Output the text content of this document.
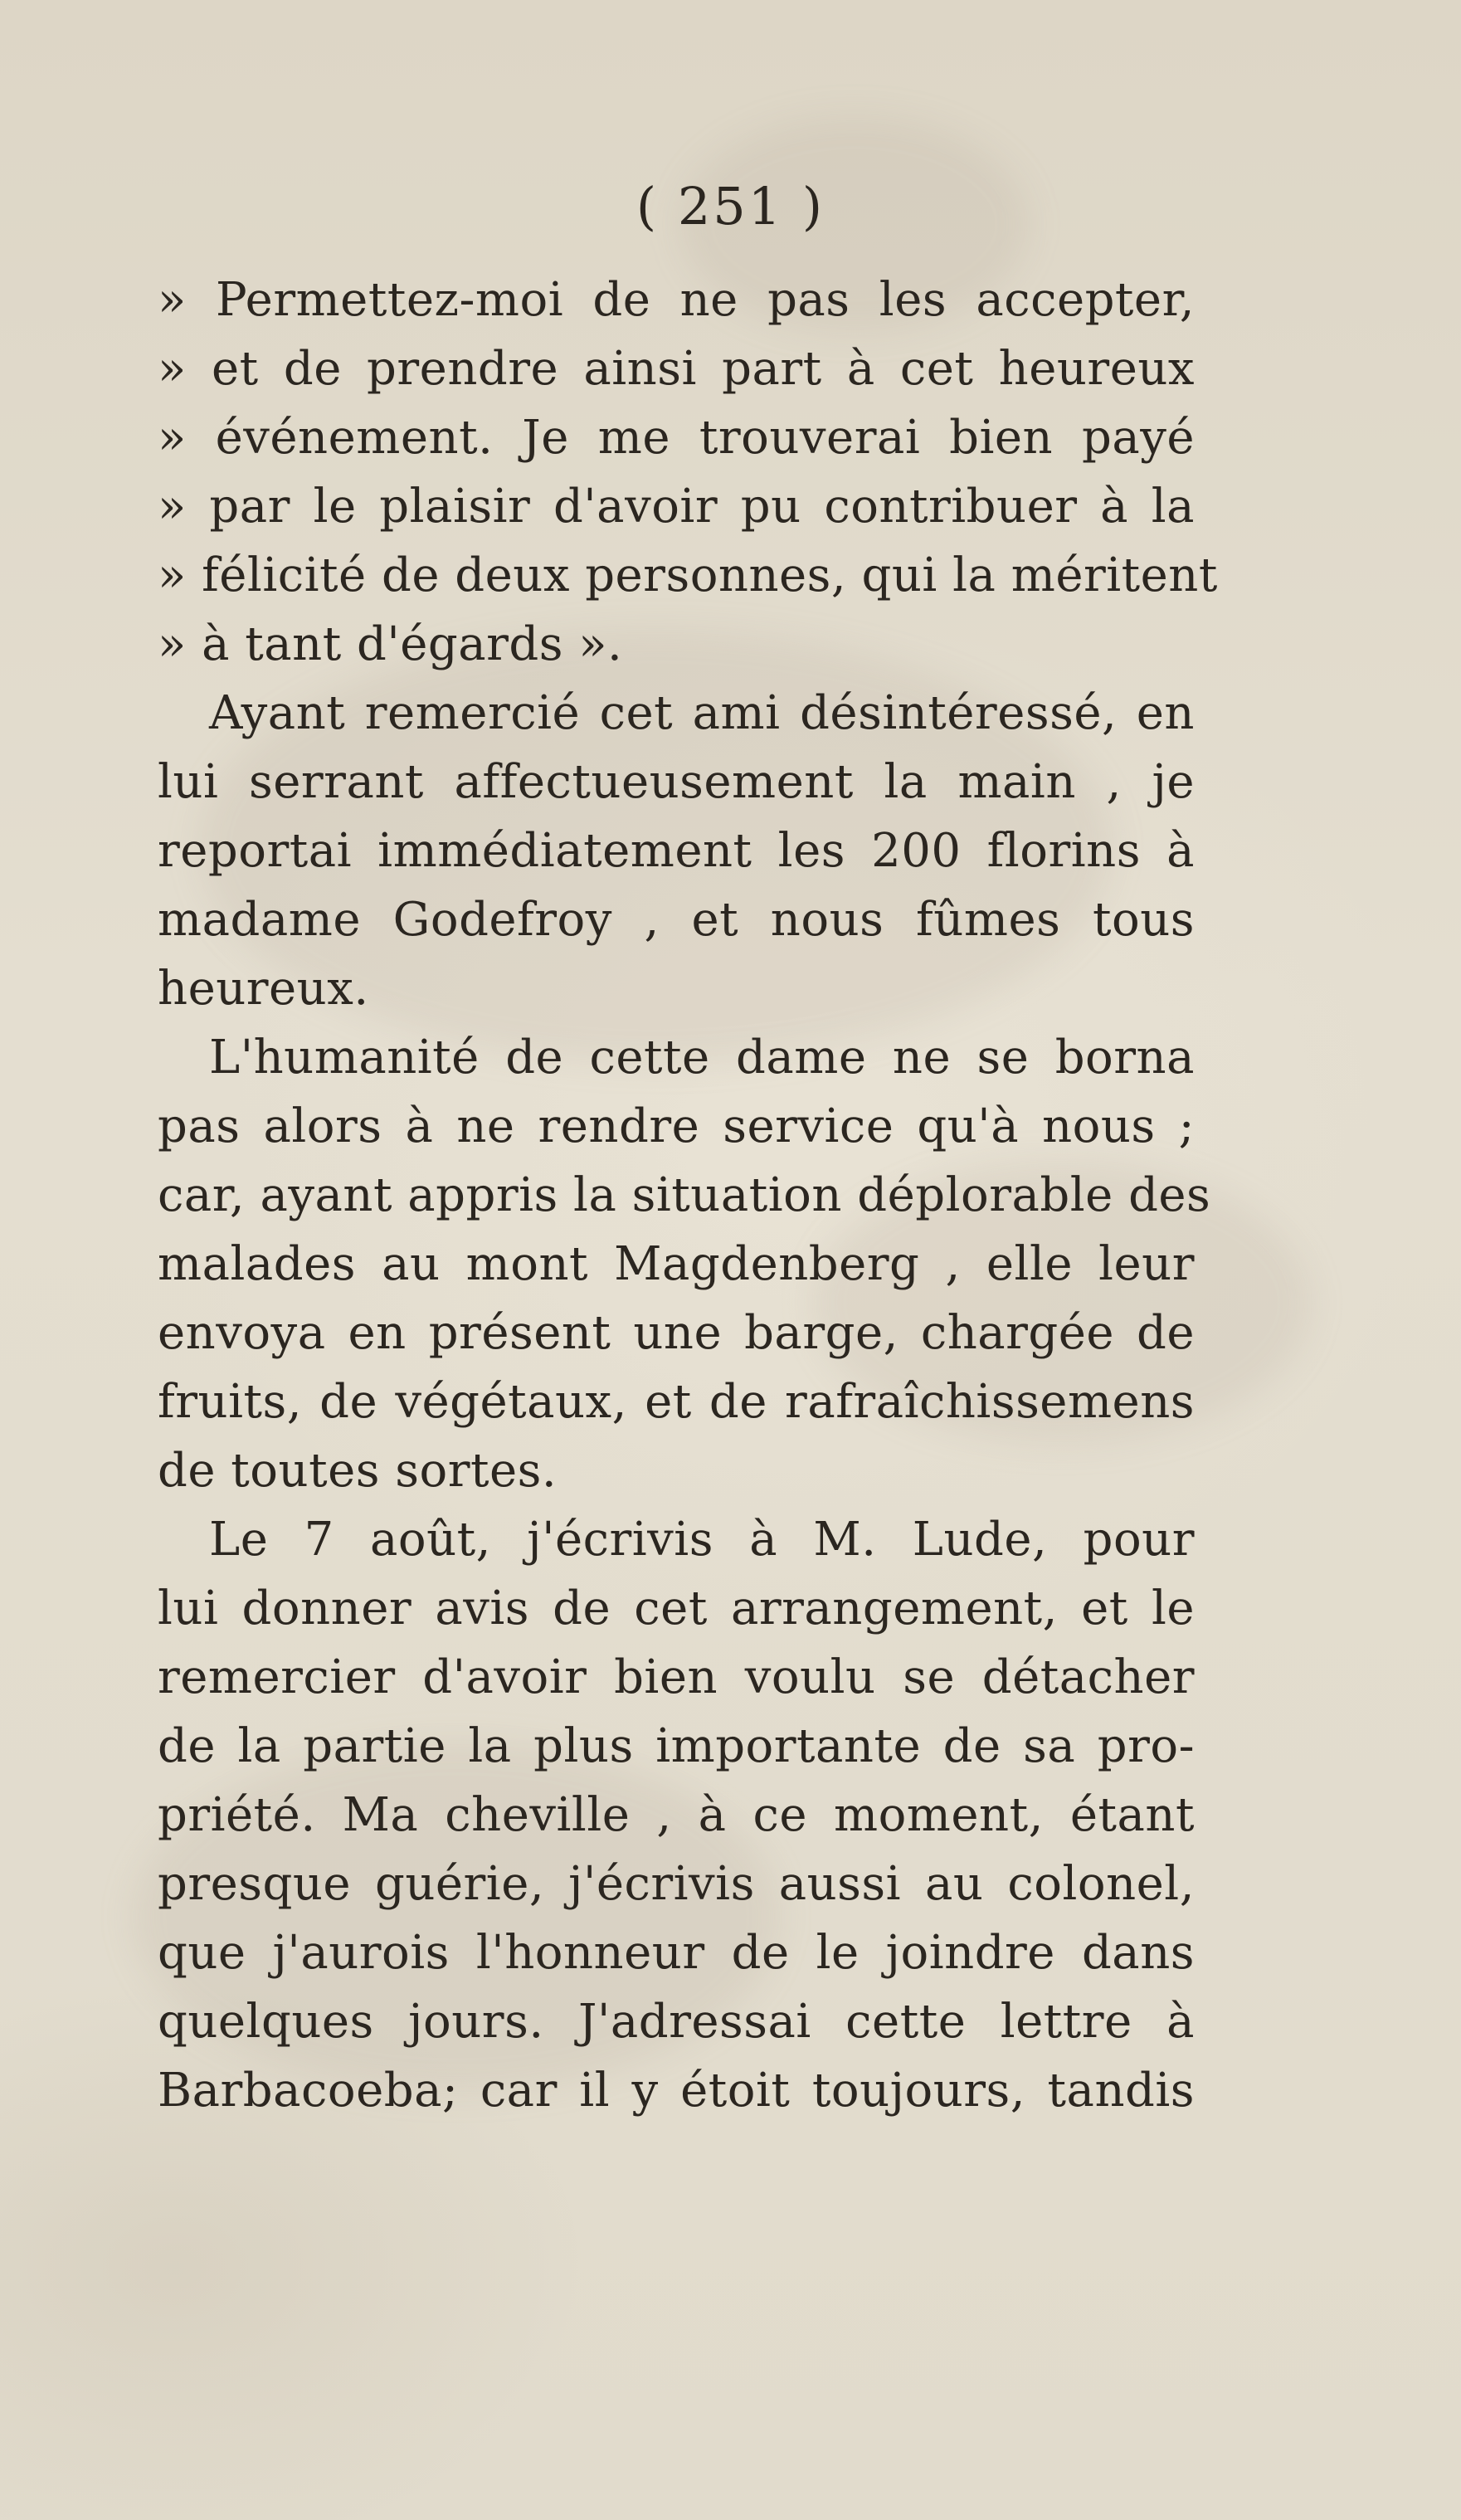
( 251 )
» Permettez-moi de ne pas les accepter,
» et de prendre ainsi part à cet heureux
» événement. Je me trouverai bien payé
» par le plaisir d'avoir pu contribuer à la
» félicité de deux personnes, qui la méritent
» à tant d'égards ».
Ayant remercié cet ami désintéressé, en
lui serrant affectueusement la main , je
reportai immédiatement les 200 florins à
madame Godefroy , et nous fûmes tous
heureux.
L'humanité de cette dame ne se borna
pas alors à ne rendre service qu'à nous ;
car, ayant appris la situation déplorable des
malades au mont Magdenberg , elle leur
envoya en présent une barge, chargée de
fruits, de végétaux, et de rafraîchissemens
de toutes sortes.
Le 7 août, j'écrivis à M. Lude, pour
lui donner avis de cet arrangement, et le
remercier d'avoir bien voulu se détacher
de la partie la plus importante de sa pro-
priété. Ma cheville , à ce moment, étant
presque guérie, j'écrivis aussi au colonel,
que j'aurois l'honneur de le joindre dans
quelques jours. J'adressai cette lettre à
Barbacoeba; car il y étoit toujours, tandis
